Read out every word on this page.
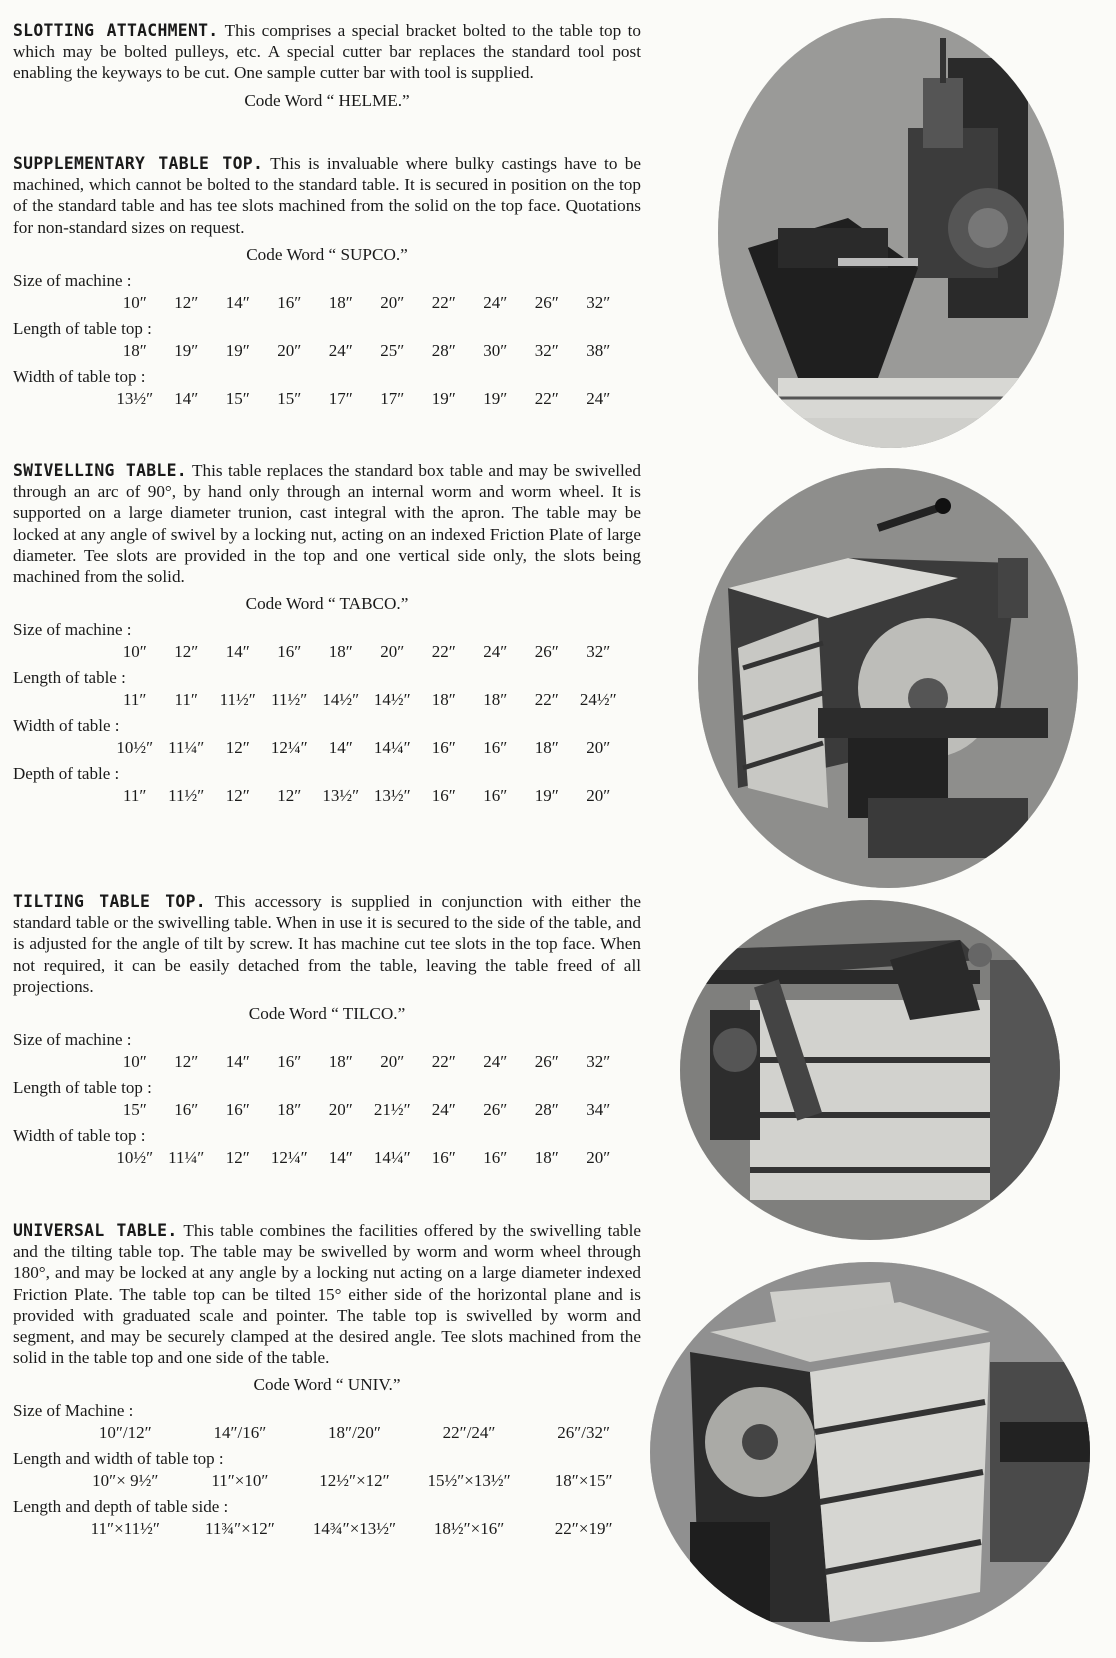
SLOTTING ATTACHMENT. This comprises a special bracket bolted to the table top to which may be bolted pulleys, etc. A special cutter bar replaces the standard tool post enabling the keyways to be cut. One sample cutter bar with tool is supplied.

Code Word “ HELME.”

SUPPLEMENTARY TABLE TOP. This is invaluable where bulky castings have to be machined, which cannot be bolted to the standard table. It is secured in position on the top of the standard table and has tee slots machined from the solid on the top face. Quotations for non-standard sizes on request.

Code Word “ SUPCO.”
Size of machine :
10″	12″	14″	16″	18″	20″	22″	24″	26″	32″
Length of table top :
18″	19″	19″	20″	24″	25″	28″	30″	32″	38″
Width of table top :
13½″	14″	15″	15″	17″	17″	19″	19″	22″	24″

SWIVELLING TABLE. This table replaces the standard box table and may be swivelled through an arc of 90°, by hand only through an internal worm and worm wheel. It is supported on a large diameter trunion, cast integral with the apron. The table may be locked at any angle of swivel by a locking nut, acting on an indexed Friction Plate of large diameter. Tee slots are provided in the top and one vertical side only, the slots being machined from the solid.

Code Word “ TABCO.”
Size of machine :
10″	12″	14″	16″	18″	20″	22″	24″	26″	32″
Length of table :
11″	11″	11½″ 11½″ 14½″ 14½″	18″	18″	22″	24½″
Width of table :
10½″ 11¼″	12″	12¼″	14″	14¼″	16″	16″	18″	20″
Depth of table :
11″	11½″	12″	12″	13½″ 13½″	16″	16″	19″	20″

TILTING TABLE TOP. This accessory is supplied in conjunction with either the standard table or the swivelling table. When in use it is secured to the side of the table, and is adjusted for the angle of tilt by screw. It has machine cut tee slots in the top face. When not required, it can be easily detached from the table, leaving the table freed of all projections.

Code Word “ TILCO.”
Size of machine :
10″	12″	14″	16″	18″	20″	22″	24″	26″	32″
Length of table top :
15″	16″	16″	18″	20″	21½″	24″	26″	28″	34″
Width of table top :
10½″ 11¼″	12″	12¼″	14″	14¼″	16″	16″	18″	20″

UNIVERSAL TABLE. This table combines the facilities offered by the swivelling table and the tilting table top. The table may be swivelled by worm and worm wheel through 180°, and may be locked at any angle by a locking nut acting on a large diameter indexed Friction Plate. The table top can be tilted 15° either side of the horizontal plane and is provided with graduated scale and pointer. The table top is swivelled by worm and segment, and may be securely clamped at the desired angle. Tee slots machined from the solid in the table top and one side of the table.

Code Word “ UNIV.”
Size of Machine :
10″/12″	14″/16″	18″/20″	22″/24″	26″/32″
Length and width of table top :
10″× 9½″	11″×10″	12½″×12″	15½″×13½″	18″×15″
Length and depth of table side :
11″×11½″	11¾″×12″	14¾″×13½″	18½″×16″	22″×19″
